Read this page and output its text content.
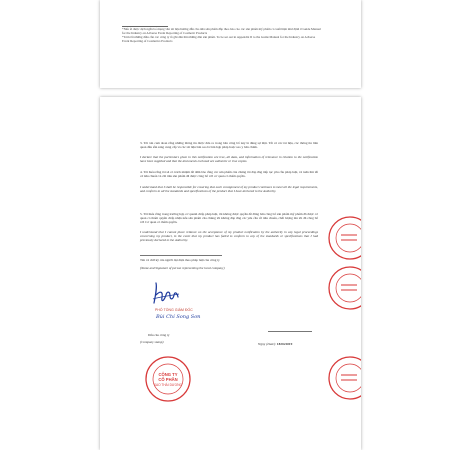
*Nếu tồ được dịch ngắn bổ mạng văn tài liệu hướng dẫn cho nhà sản phẩm đắp theo báo cáo các sản phẩm mỹ phẩm có xuất hiện như định ở Guide Manual for the Industry on Adverse Event Reporting of Cosmetic Products
*Tóm tắt những điều cần các công ty tồ ghi dân thủ những dân sản phẩm. To be set out in Appendix II to the Guide Manual for the Industry on Adverse Event Reporting of Cosmetics Products
3. Tôi xin cam đoan rằng những thông tin được đưa ra trong bản công bố này là đúng sự thật. Tất cả các tài liệu, các thông tin liên quan đều sẵn sàng cung cấp và các tài liệu bản sao là bản hợp pháp hoặc sao y bản chính.
I declare that the particulars given in this notification are true, all data, and information of relevance in relation to the notification have been supplied and that the documents enclosed are authentic or true copies.
4. Tôi hiểu rằng tôi sẽ có trách nhiệm đề đảm bảo rằng các sản phẩm của chúng tôi đáp ứng tiếp tục yêu cầu pháp luật, và tuân thủ tất cả tiêu chuẩn và chỉ tiêu sản phẩm đã được công bố với cơ quan có thẩm quyền.
I understand that I shall be responsible for ensuring that each consignment of my product continues to meet all the legal requirements, and conform to all the standards and specifications of the product that I have declared to the Authority.
5. Tôi hiểu rằng trong trường hợp cơ quanh chấp pháp luật, tôi không được quyền đề đăng bản công bố sản phẩm mỹ phẩm đã được cơ quan có thẩm quyền chấp nhận nếu sản phẩm của chúng tôi không đáp ứng các yêu cầu về tiêu chuẩn, chất lượng mà tôi đã công bố với Cơ quan có thẩm quyền.
I understand that I cannot place reliance on the acceptance of my product notification by the authority in any legal proceedings concerning my product, in the event that my product has failed to conform to any of the standards or specifications that I had previously declared to the Authority.
Tên và chữ ký của người đại diện theo pháp luật của công ty
(Name and Signature of person representing the local company)
PHÓ TỔNG GIÁM ĐỐC
Bùi Chí Song Sơn
Dấu của công ty
(Company stamp)	Ngày (Date): 18/04/2019
CÔNG TY
CỔ PHẦN
SAO THÁI DƯƠNG
